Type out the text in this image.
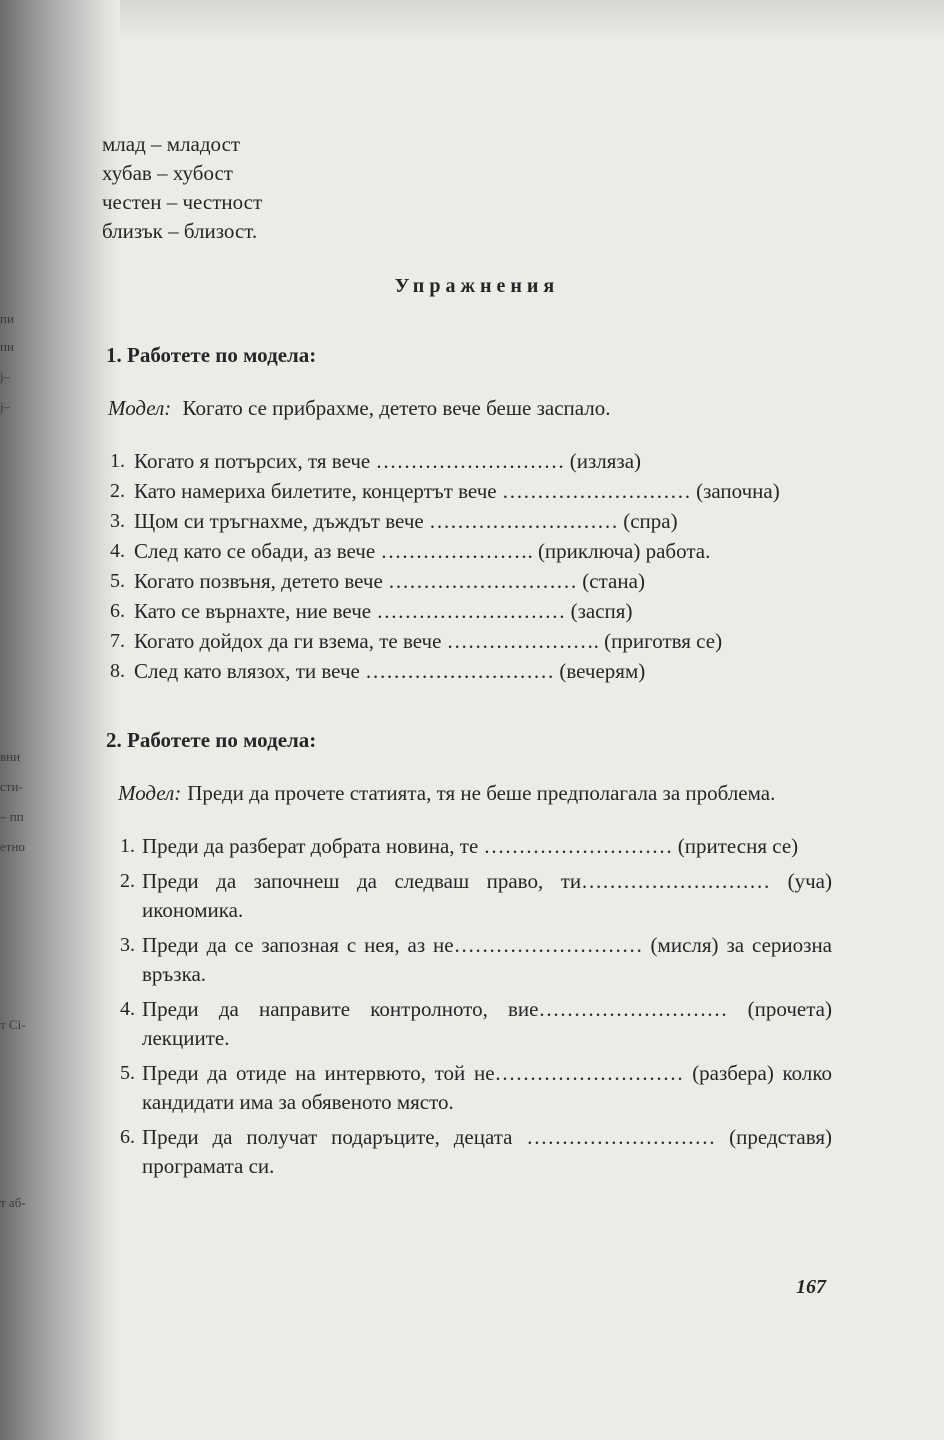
пи
пи
ј–
ј–
вни
сти-
– пп
етно
т Сі-
т аб-

млад – младост

хубав – хубост

честен – честност

близък – близост.

Упражнения
1. Работете по модела:

Модел: Когато се прибрахме, детето вече беше заспало.

1. Когато я потърсих, тя вече ……………………… (изляза)
2. Като намериха билетите, концертът вече ……………………… (започна)
3. Щом си тръгнахме, дъждът вече ……………………… (спра)
4. След като се обади, аз вече …………………. (приключа) работа.
5. Когато позвъня, детето вече ……………………… (стана)
6. Като се върнахте, ние вече ……………………… (заспя)
7. Когато дойдох да ги взема, те вече …………………. (приготвя се)
8. След като влязох, ти вече ……………………… (вечерям)
2. Работете по модела:

Модел: Преди да прочете статията, тя не беше предполагала за проблема.

1. Преди да разберат добрата новина, те ……………………… (притесня се)
2. Преди да започнеш да следваш право, ти……………………… (уча) икономика.
3. Преди да се запозная с нея, аз не……………………… (мисля) за сериозна връзка.
4. Преди да направите контролното, вие……………………… (прочета) лекциите.
5. Преди да отиде на интервюто, той не……………………… (разбера) колко кандидати има за обявеното място.
6. Преди да получат подаръците, децата ……………………… (представя) програмата си.
167
